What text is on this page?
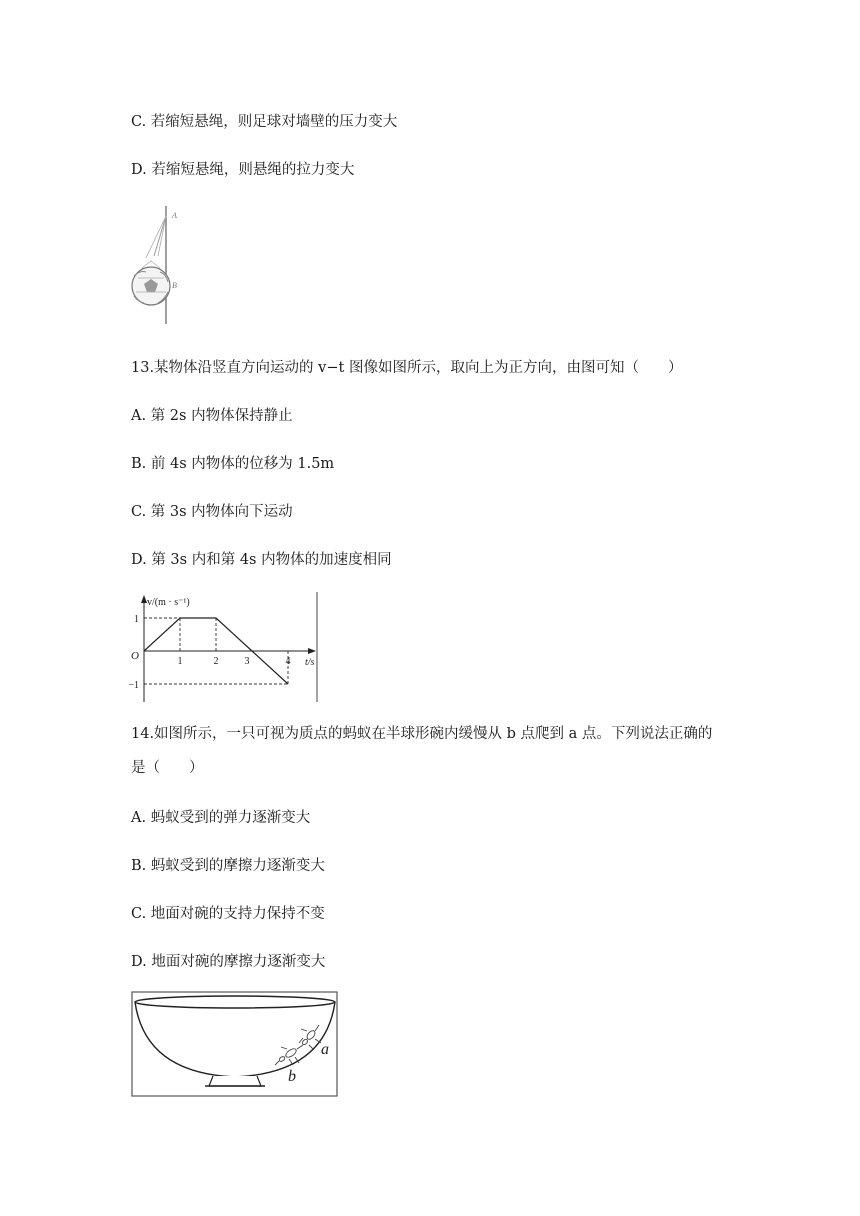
C. 若缩短悬绳，则足球对墙壁的压力变大
D. 若缩短悬绳，则悬绳的拉力变大
A
B
13.某物体沿竖直方向运动的 v−t 图像如图所示，取向上为正方向，由图可知（　　）
A. 第 2s 内物体保持静止
B. 前 4s 内物体的位移为 1.5m
C. 第 3s 内物体向下运动
D. 第 3s 内和第 4s 内物体的加速度相同
v/(m · s⁻¹)
t/s
O	1	2	3	4
1
−1
14.如图所示，一只可视为质点的蚂蚁在半球形碗内缓慢从 b 点爬到 a 点。下列说法正确的
是（　　）
A. 蚂蚁受到的弹力逐渐变大
B. 蚂蚁受到的摩擦力逐渐变大
C. 地面对碗的支持力保持不变
D. 地面对碗的摩擦力逐渐变大
a
b
